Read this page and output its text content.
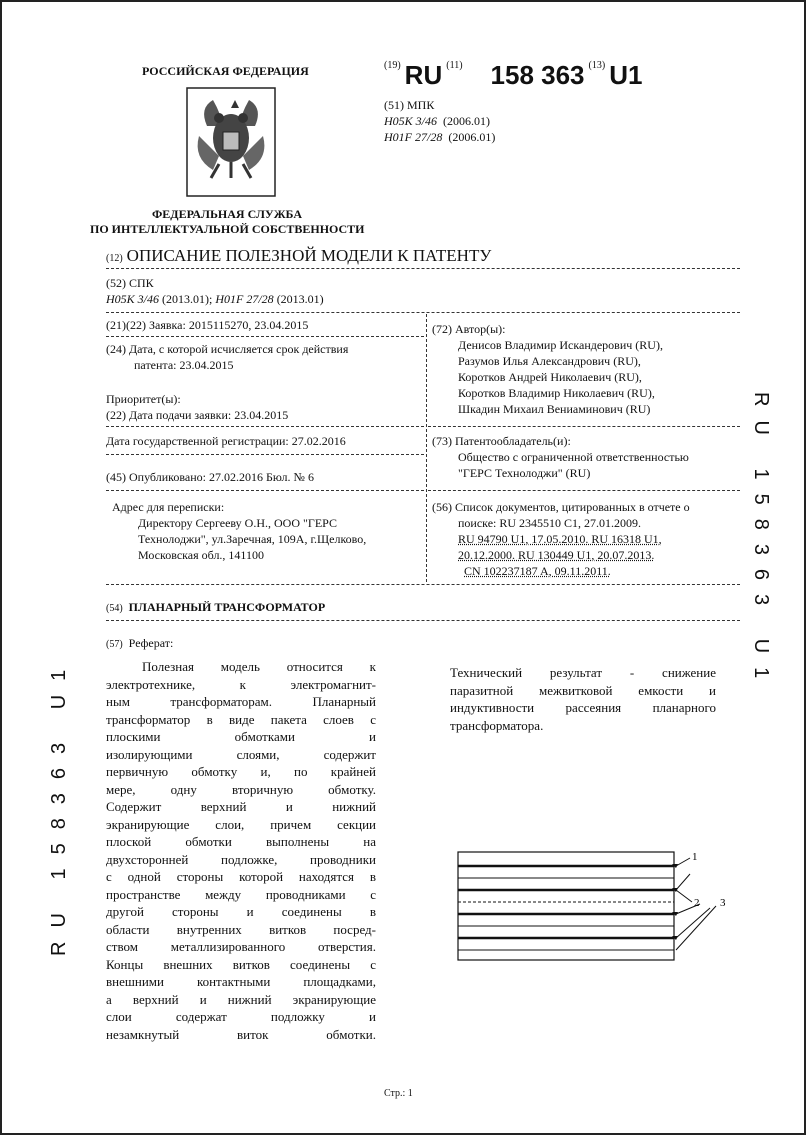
РОССИЙСКАЯ ФЕДЕРАЦИЯ
ФЕДЕРАЛЬНАЯ СЛУЖБА
ПО ИНТЕЛЛЕКТУАЛЬНОЙ СОБСТВЕННОСТИ
$^{(19)}$ RU $^{(11)}$ 158 363 $^{(13)}$ U1
(51) МПК
H05K 3/46 (2006.01)
H01F 27/28 (2006.01)
(12) ОПИСАНИЕ ПОЛЕЗНОЙ МОДЕЛИ К ПАТЕНТУ
(52) СПК
H05K 3/46 (2013.01); H01F 27/28 (2013.01)
(21)(22) Заявка: 2015115270, 23.04.2015
(24) Дата, с которой исчисляется срок действия
патента: 23.04.2015
Приоритет(ы):
(22) Дата подачи заявки: 23.04.2015
Дата государственной регистрации: 27.02.2016
(45) Опубликовано: 27.02.2016 Бюл. № 6
Адрес для переписки:
Директору Сергееву О.Н., ООО "ГЕРС
Технолоджи", ул.Заречная, 109А, г.Щелково,
Московская обл., 141100
(72) Автор(ы):
Денисов Владимир Искандерович (RU),
Разумов Илья Александрович (RU),
Коротков Андрей Николаевич (RU),
Коротков Владимир Николаевич (RU),
Шкадин Михаил Вениаминович (RU)
(73) Патентообладатель(и):
Общество с ограниченной ответственностью
"ГЕРС Технолоджи" (RU)
(56) Список документов, цитированных в отчете о
поиске: RU 2345510 C1, 27.01.2009.
RU 94790 U1, 17.05.2010. RU 16318 U1,
20.12.2000. RU 130449 U1, 20.07.2013.
CN 102237187 A, 09.11.2011.
(54) ПЛАНАРНЫЙ ТРАНСФОРМАТОР
(57) Реферат:

Полезная модель относится к

электротехнике, к электромагнит-

ным трансформаторам. Планарный

трансформатор в виде пакета слоев с

плоскими обмотками и

изолирующими слоями, содержит

первичную обмотку и, по крайней

мере, одну вторичную обмотку.

Содержит верхний и нижний

экранирующие слои, причем секции

плоской обмотки выполнены на

двухсторонней подложке, проводники

с одной стороны которой находятся в

пространстве между проводниками с

другой стороны и соединены в

области внутренних витков посред-

ством металлизированного отверстия.

Концы внешних витков соединены с

внешними контактными площадками,

а верхний и нижний экранирующие

слои содержат подложку и

незамкнутый виток обмотки.

Технический результат - снижение
паразитной межвитковой емкости и
индуктивности рассеяния планарного
трансформатора.
1
2 3
Стр.: 1
RU 158363 U1
RU 158363 U1
